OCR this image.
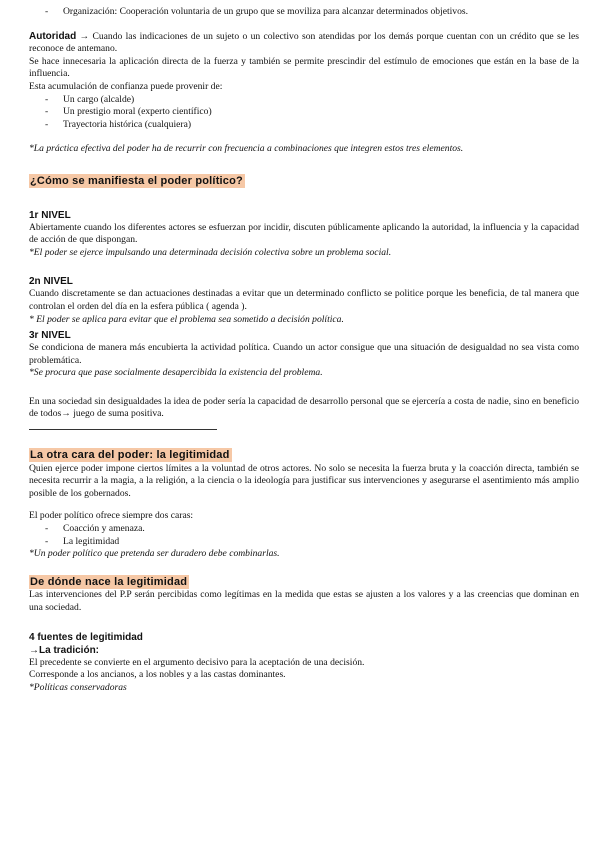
- Organización: Cooperación voluntaria de un grupo que se moviliza para alcanzar determinados objetivos.

Autoridad → Cuando las indicaciones de un sujeto o un colectivo son atendidas por los demás porque cuentan con un crédito que se les reconoce de antemano.

Se hace innecesaria la aplicación directa de la fuerza y también se permite prescindir del estímulo de emociones que están en la base de la influencia.

Esta acumulación de confianza puede provenir de:

- Un cargo (alcalde)
- Un prestigio moral (experto científico)
- Trayectoria histórica (cualquiera)

*La práctica efectiva del poder ha de recurrir con frecuencia a combinaciones que integren estos tres elementos.

¿Cómo se manifiesta el poder político?
1r NIVEL

Abiertamente cuando los diferentes actores se esfuerzan por incidir, discuten públicamente aplicando la autoridad, la influencia y la capacidad de acción de que dispongan.

*El poder se ejerce impulsando una determinada decisión colectiva sobre un problema social.

2n NIVEL

Cuando discretamente se dan actuaciones destinadas a evitar que un determinado conflicto se politice porque les beneficia, de tal manera que controlan el orden del día en la esfera pública ( agenda ).

* El poder se aplica para evitar que el problema sea sometido a decisión política.

3r NIVEL

Se condiciona de manera más encubierta la actividad política. Cuando un actor consigue que una situación de desigualdad no sea vista como problemática.

*Se procura que pase socialmente desapercibida la existencia del problema.

En una sociedad sin desigualdades la idea de poder sería la capacidad de desarrollo personal que se ejercería a costa de nadie, sino en beneficio de todos→ juego de suma positiva.

La otra cara del poder: la legitimidad

Quien ejerce poder impone ciertos límites a la voluntad de otros actores. No solo se necesita la fuerza bruta y la coacción directa, también se necesita recurrir a la magia, a la religión, a la ciencia o la ideología para justificar sus intervenciones y asegurarse el asentimiento más amplio posible de los gobernados.

El poder político ofrece siempre dos caras:

- Coacción y amenaza.
- La legitimidad

*Un poder político que pretenda ser duradero debe combinarlas.

De dónde nace la legitimidad

Las intervenciones del P.P serán percibidas como legítimas en la medida que estas se ajusten a los valores y a las creencias que dominan en una sociedad.

4 fuentes de legitimidad
→La tradición:

El precedente se convierte en el argumento decisivo para la aceptación de una decisión.

Corresponde a los ancianos, a los nobles y a las castas dominantes.

*Políticas conservadoras
